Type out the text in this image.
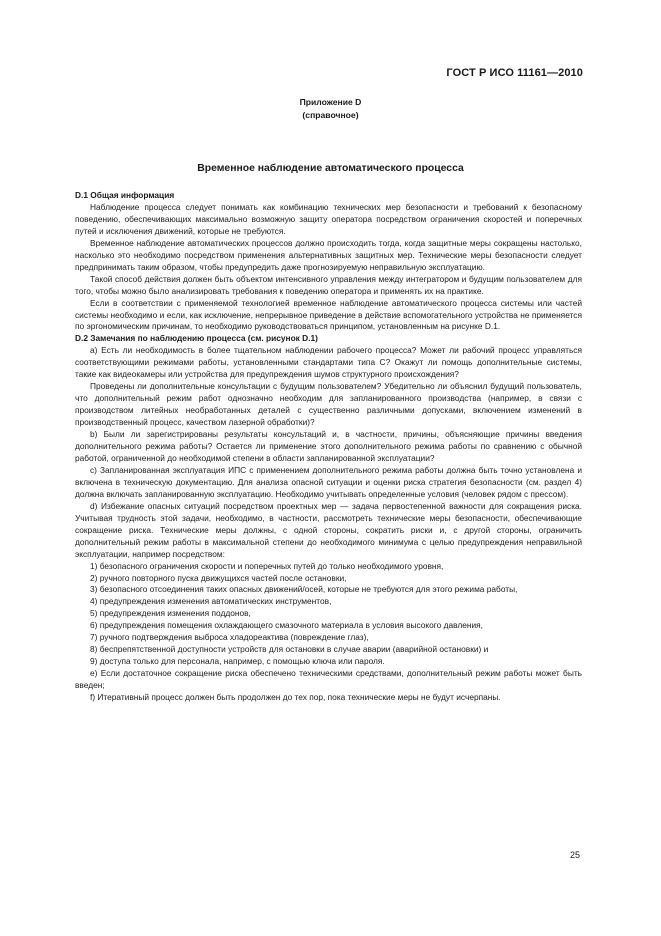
ГОСТ Р ИСО 11161—2010
Приложение D
(справочное)
Временное наблюдение автоматического процесса

D.1 Общая информация

Наблюдение процесса следует понимать как комбинацию технических мер безопасности и требований к безопасному поведению, обеспечивающих максимально возможную защиту оператора посредством ограничения скоростей и поперечных путей и исключения движений, которые не требуются.

Временное наблюдение автоматических процессов должно происходить тогда, когда защитные меры сокращены настолько, насколько это необходимо посредством применения альтернативных защитных мер. Технические меры безопасности следует предпринимать таким образом, чтобы предупредить даже прогнозируемую неправильную эксплуатацию.

Такой способ действия должен быть объектом интенсивного управления между интегратором и будущим пользователем для того, чтобы можно было анализировать требования к поведению оператора и применять их на практике.

Если в соответствии с применяемой технологией временное наблюдение автоматического процесса системы или частей системы необходимо и если, как исключение, непрерывное приведение в действие вспомогательного устройства не применяется по эргономическим причинам, то необходимо руководствоваться принципом, установленным на рисунке D.1.

D.2 Замечания по наблюдению процесса (см. рисунок D.1)

а) Есть ли необходимость в более тщательном наблюдении рабочего процесса? Может ли рабочий процесс управляться соответствующими режимами работы, установленными стандартами типа С? Окажут ли помощь дополнительные системы, такие как видеокамеры или устройства для предупреждения шумов структурного происхождения?

Проведены ли дополнительные консультации с будущим пользователем? Убедительно ли объяснил будущий пользователь, что дополнительный режим работ однозначно необходим для запланированного производства (например, в связи с производством литейных необработанных деталей с существенно различными допусками, включением изменений в производственный процесс, качеством лазерной обработки)?

b) Были ли зарегистрированы результаты консультаций и, в частности, причины, объясняющие причины введения дополнительного режима работы? Остается ли применение этого дополнительного режима работы по сравнению с обычной работой, ограниченной до необходимой степени в области запланированной эксплуатации?

c) Запланированная эксплуатация ИПС с применением дополнительного режима работы должна быть точно установлена и включена в техническую документацию. Для анализа опасной ситуации и оценки риска стратегия безопасности (см. раздел 4) должна включать запланированную эксплуатацию. Необходимо учитывать определенные условия (человек рядом с прессом).

d) Избежание опасных ситуаций посредством проектных мер — задача первостепенной важности для сокращения риска. Учитывая трудность этой задачи, необходимо, в частности, рассмотреть технические меры безопасности, обеспечивающие сокращение риска. Технические меры должны, с одной стороны, сократить риски и, с другой стороны, ограничить дополнительный режим работы в максимальной степени до необходимого минимума с целью предупреждения неправильной эксплуатации, например посредством:

1) безопасного ограничения скорости и поперечных путей до только необходимого уровня,

2) ручного повторного пуска движущихся частей после остановки,

3) безопасного отсоединения таких опасных движений/осей, которые не требуются для этого режима работы,

4) предупреждения изменения автоматических инструментов,

5) предупреждения изменения поддонов,

6) предупреждения помещения охлаждающего смазочного материала в условия высокого давления,

7) ручного подтверждения выброса хладореактива (повреждение глаз),

8) беспрепятственной доступности устройств для остановки в случае аварии (аварийной остановки) и

9) доступа только для персонала, например, с помощью ключа или пароля.

e) Если достаточное сокращение риска обеспечено техническими средствами, дополнительный режим работы может быть введен;

f) Итеративный процесс должен быть продолжен до тех пор, пока технические меры не будут исчерпаны.

25
